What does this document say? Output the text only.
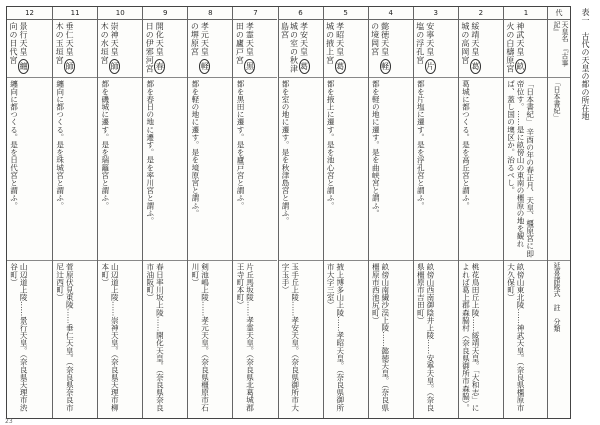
1
神武天皇 畝火の白檮原宮
「日本書紀」 辛酉の年の春正月、天皇、橿原宮に即帝位す。……是に畝傍山の東南の橿原の地を観れば、蓋し国の墺区か。治るべし。
畝傍山東北陵……神武天皇。（奈良県橿原市大久保町）
2
綏靖天皇 葛城の高岡宮
葛城に都つくる。是を高丘宮と謂ふ。
桃花鳥田丘上陵……綏靖天皇。「大和志」によれば葛上郡森脇村（奈良県御所市森脇）。
3
安寧天皇 片塩の浮孔宮
都を片塩に遷す。是を浮孔宮と謂ふ。
畝傍山西南御陰井上陵……安寧天皇。（奈良県橿原市吉田町）
4
懿徳天皇 軽の境岡宮
都を軽の地に遷す。是を曲峡宮と謂ふ。
畝傍山南繊沙渓上陵……懿徳天皇。（奈良県橿原市西池尻町）
5
孝昭天皇 葛城の掖上宮
都を掖上に遷す。是を池心宮と謂ふ。
掖上博多山上陵……孝昭天皇。（奈良県御所市大字三室）
6
孝安天皇 葛城の室の秋津島宮
都を室の地に遷す。是を秋津島宮と謂ふ。
玉手丘上陵……孝安天皇。（奈良県御所市大字玉手）
7
孝霊天皇 黒田の廬戸宮
都を黒田に遷す。是を廬戸宮と謂ふ。
片丘馬坂陵……孝霊天皇。（奈良県北葛城郡王寺町本町）
8
孝元天皇 軽の堺原宮
都を軽の地に遷す。是を境原宮と謂ふ。
剣池嶋上陵……孝元天皇。（奈良県橿原市石川町）
9
開化天皇 春日の伊邪河宮
都を春日の地に遷す。是を率川宮と謂ふ。
春日率川坂上陵……開化天皇。（奈良県奈良市油阪町）
10
崇神天皇 師木の水垣宮
都を磯城に遷す。是を瑞籬宮と謂ふ。
山辺道上陵……崇神天皇。（奈良県天理市柳本町）
11
垂仁天皇 師木の玉垣宮
纏向に都つくる。是を珠城宮と謂ふ。
菅原伏見東陵……垂仁天皇。（奈良県奈良市尼辻西町）
12
景行天皇 纏向の日代宮
纏向に都つくる。是を日代宮と謂ふ。
山辺道上陵……景行天皇。（奈良県天理市渋谷町）
代
天皇名　『古事記』
「日本書紀」
延喜諸陵式　註　分類
表一　古代の天皇の都の所在地
23
